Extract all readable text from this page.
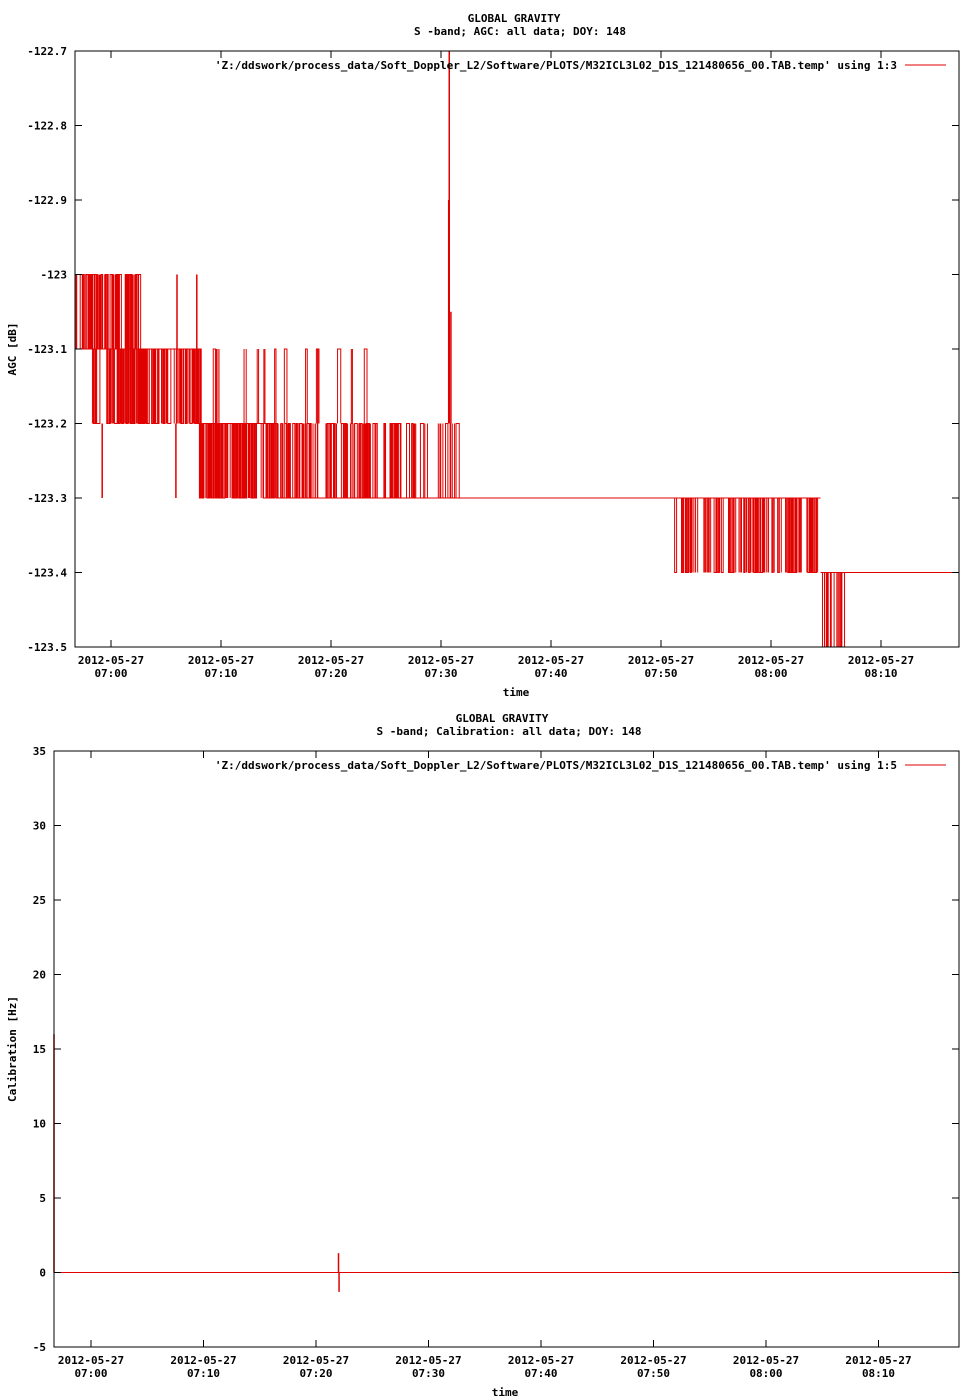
GLOBAL GRAVITY
S -band; AGC: all data; DOY: 148
-122.7
-122.8
-122.9
-123
-123.1
-123.2
-123.3
-123.4
-123.5
2012-05-27
07:00
2012-05-27
07:10
2012-05-27
07:20
2012-05-27
07:30
2012-05-27
07:40
2012-05-27
07:50
2012-05-27
08:00
2012-05-27
08:10
time
AGC [dB]
'Z:/ddswork/process_data/Soft_Doppler_L2/Software/PLOTS/M32ICL3L02_D1S_121480656_00.TAB.temp' using 1:3
GLOBAL GRAVITY
S -band; Calibration: all data; DOY: 148
35
30
25
20
15
10
5
0
-5
2012-05-27
07:00
2012-05-27
07:10
2012-05-27
07:20
2012-05-27
07:30
2012-05-27
07:40
2012-05-27
07:50
2012-05-27
08:00
2012-05-27
08:10
time
Calibration [Hz]
'Z:/ddswork/process_data/Soft_Doppler_L2/Software/PLOTS/M32ICL3L02_D1S_121480656_00.TAB.temp' using 1:5
